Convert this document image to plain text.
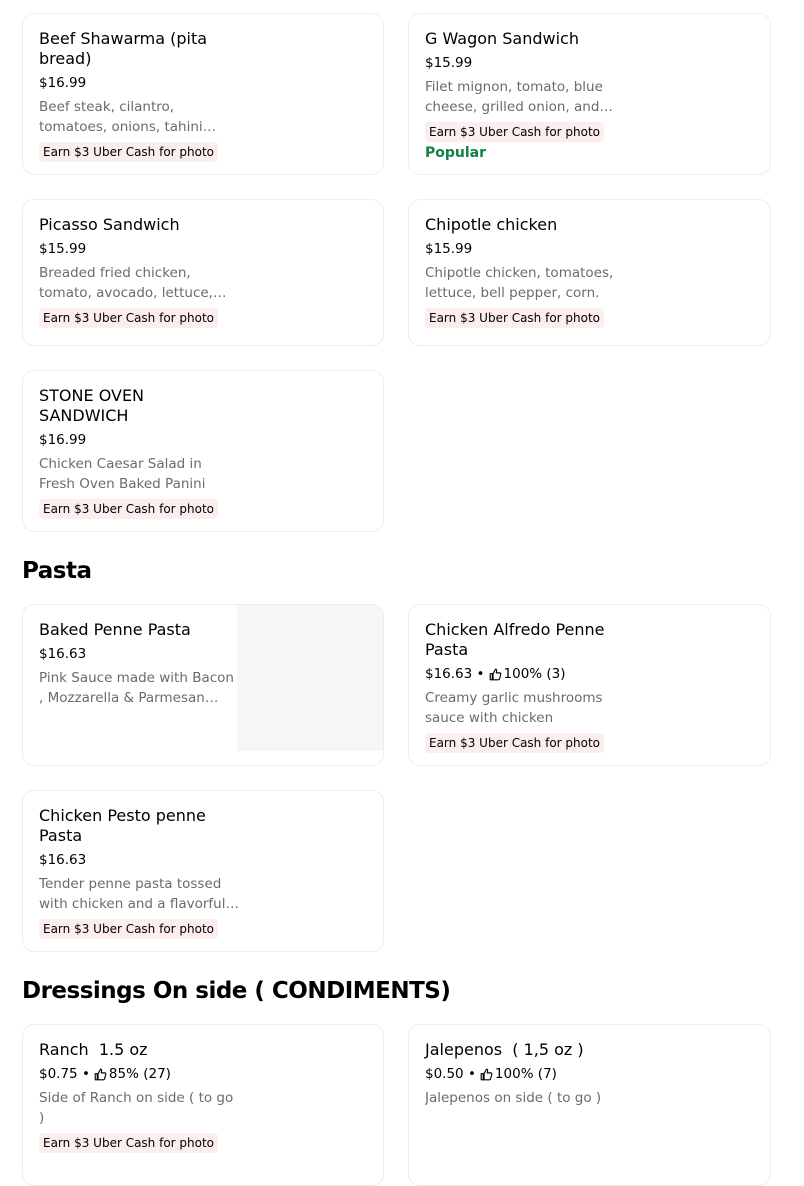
Beef Shawarma (pita bread)
$16.99
Beef steak, cilantro, tomatoes, onions, tahini
Earn $3 Uber Cash for photo
G Wagon Sandwich
$15.99
Filet mignon, tomato, blue cheese, grilled onion, and
Earn $3 Uber Cash for photo
Popular
Picasso Sandwich
$15.99
Breaded fried chicken, tomato, avocado, lettuce,
Earn $3 Uber Cash for photo
Chipotle chicken
$15.99
Chipotle chicken, tomatoes, lettuce, bell pepper, corn.
Earn $3 Uber Cash for photo
STONE OVEN SANDWICH
$16.99
Chicken Caesar Salad in Fresh Oven Baked Panini
Earn $3 Uber Cash for photo
Pasta
Baked Penne Pasta
$16.63
Pink Sauce made with Bacon , Mozzarella & Parmesan
Chicken Alfredo Penne Pasta
$16.63 • 100% (3)
Creamy garlic mushrooms sauce with chicken
Earn $3 Uber Cash for photo
Chicken Pesto penne Pasta
$16.63
Tender penne pasta tossed with chicken and a flavorful
Earn $3 Uber Cash for photo
Dressings On side ( CONDIMENTS)
Ranch  1.5 oz
$0.75 • 85% (27)
Side of Ranch on side ( to go )
Earn $3 Uber Cash for photo
Jalepenos  ( 1,5 oz )
$0.50 • 100% (7)
Jalepenos on side ( to go )
